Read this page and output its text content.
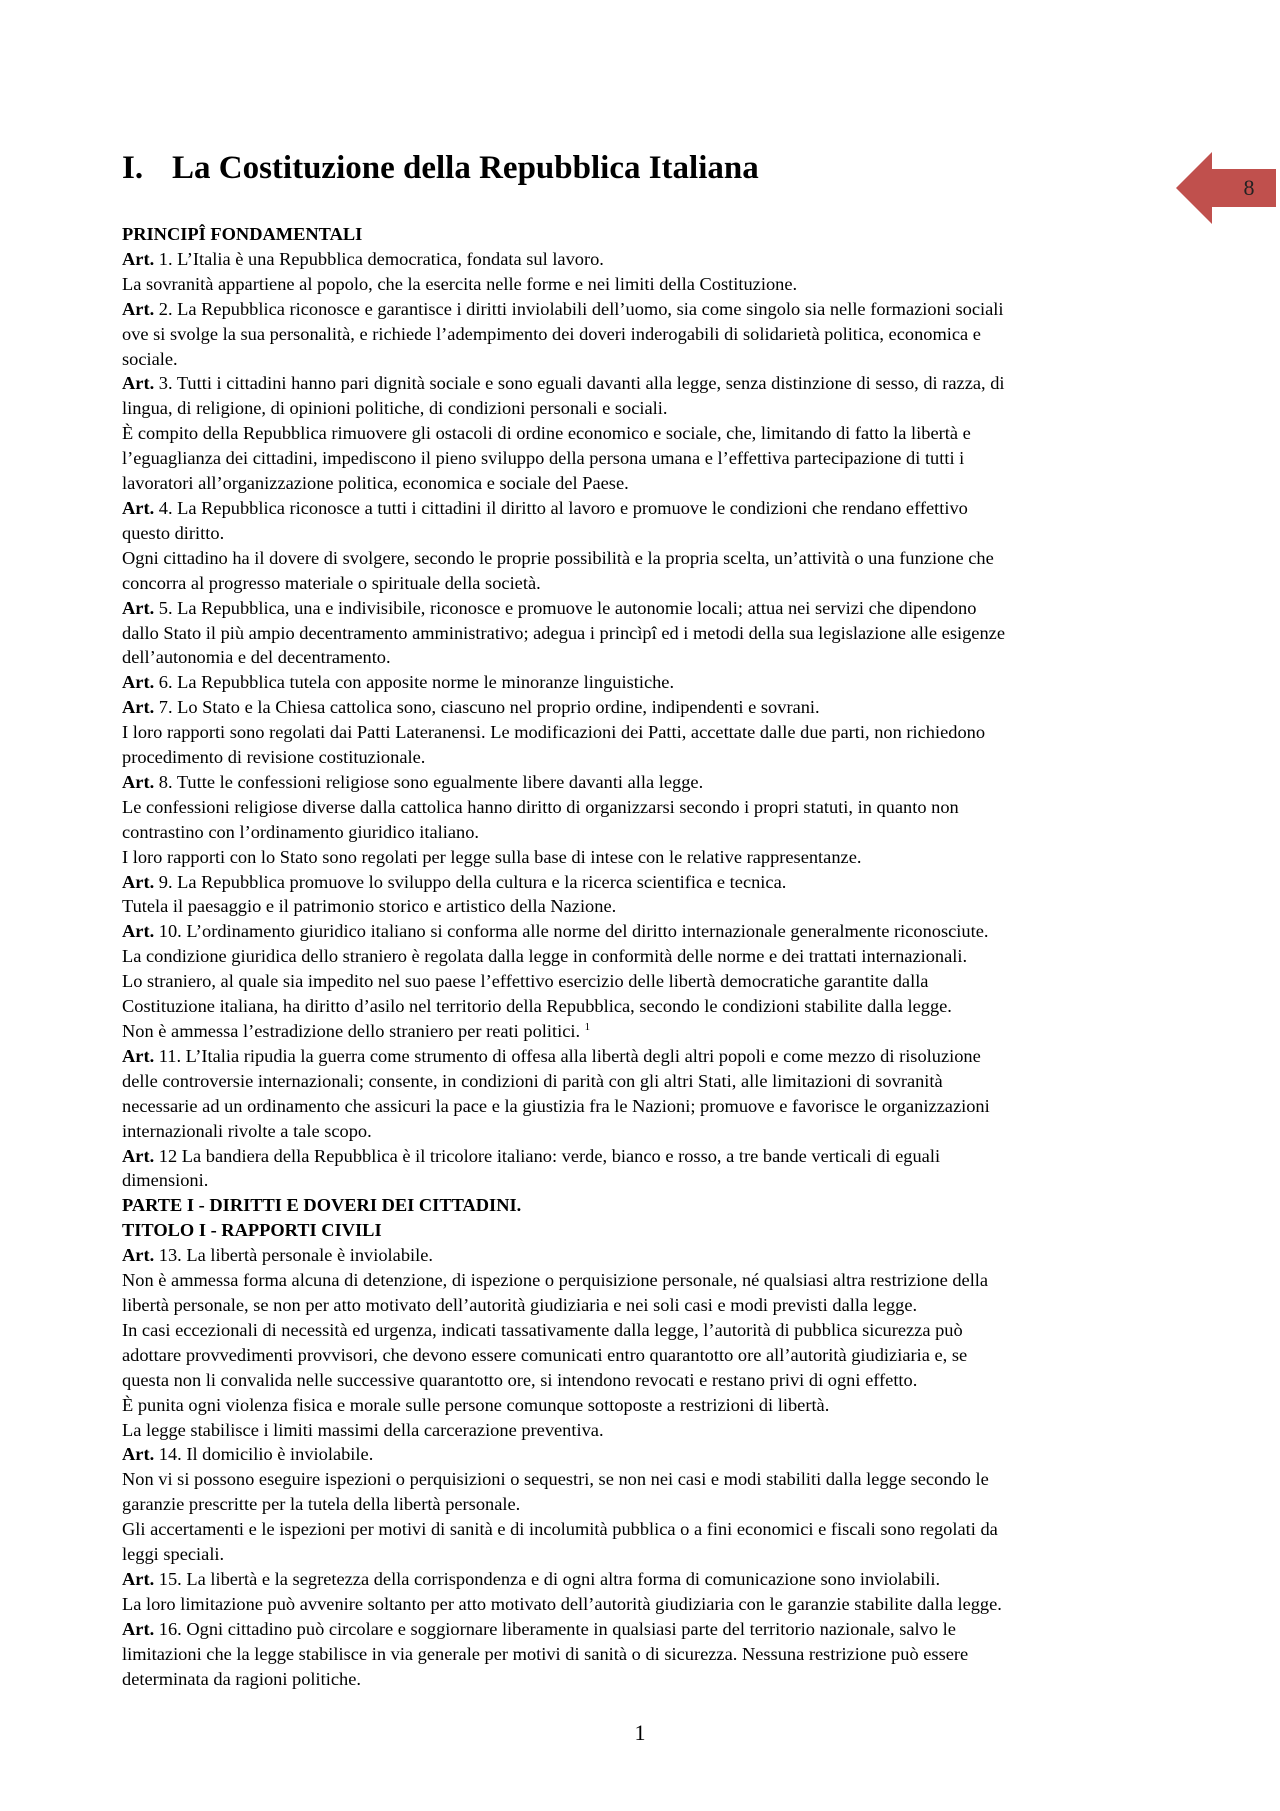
8
I. La Costituzione della Repubblica Italiana
PRINCIPÎ FONDAMENTALI
Art. 1. L’Italia è una Repubblica democratica, fondata sul lavoro.
La sovranità appartiene al popolo, che la esercita nelle forme e nei limiti della Costituzione.
Art. 2. La Repubblica riconosce e garantisce i diritti inviolabili dell’uomo, sia come singolo sia nelle formazioni sociali
ove si svolge la sua personalità, e richiede l’adempimento dei doveri inderogabili di solidarietà politica, economica e
sociale.
Art. 3. Tutti i cittadini hanno pari dignità sociale e sono eguali davanti alla legge, senza distinzione di sesso, di razza, di
lingua, di religione, di opinioni politiche, di condizioni personali e sociali.
È compito della Repubblica rimuovere gli ostacoli di ordine economico e sociale, che, limitando di fatto la libertà e
l’eguaglianza dei cittadini, impediscono il pieno sviluppo della persona umana e l’effettiva partecipazione di tutti i
lavoratori all’organizzazione politica, economica e sociale del Paese.
Art. 4. La Repubblica riconosce a tutti i cittadini il diritto al lavoro e promuove le condizioni che rendano effettivo
questo diritto.
Ogni cittadino ha il dovere di svolgere, secondo le proprie possibilità e la propria scelta, un’attività o una funzione che
concorra al progresso materiale o spirituale della società.
Art. 5. La Repubblica, una e indivisibile, riconosce e promuove le autonomie locali; attua nei servizi che dipendono
dallo Stato il più ampio decentramento amministrativo; adegua i princìpî ed i metodi della sua legislazione alle esigenze
dell’autonomia e del decentramento.
Art. 6. La Repubblica tutela con apposite norme le minoranze linguistiche.
Art. 7. Lo Stato e la Chiesa cattolica sono, ciascuno nel proprio ordine, indipendenti e sovrani.
I loro rapporti sono regolati dai Patti Lateranensi. Le modificazioni dei Patti, accettate dalle due parti, non richiedono
procedimento di revisione costituzionale.
Art. 8. Tutte le confessioni religiose sono egualmente libere davanti alla legge.
Le confessioni religiose diverse dalla cattolica hanno diritto di organizzarsi secondo i propri statuti, in quanto non
contrastino con l’ordinamento giuridico italiano.
I loro rapporti con lo Stato sono regolati per legge sulla base di intese con le relative rappresentanze.
Art. 9. La Repubblica promuove lo sviluppo della cultura e la ricerca scientifica e tecnica.
Tutela il paesaggio e il patrimonio storico e artistico della Nazione.
Art. 10. L’ordinamento giuridico italiano si conforma alle norme del diritto internazionale generalmente riconosciute.
La condizione giuridica dello straniero è regolata dalla legge in conformità delle norme e dei trattati internazionali.
Lo straniero, al quale sia impedito nel suo paese l’effettivo esercizio delle libertà democratiche garantite dalla
Costituzione italiana, ha diritto d’asilo nel territorio della Repubblica, secondo le condizioni stabilite dalla legge.
Non è ammessa l’estradizione dello straniero per reati politici. $^1$
Art. 11. L’Italia ripudia la guerra come strumento di offesa alla libertà degli altri popoli e come mezzo di risoluzione
delle controversie internazionali; consente, in condizioni di parità con gli altri Stati, alle limitazioni di sovranità
necessarie ad un ordinamento che assicuri la pace e la giustizia fra le Nazioni; promuove e favorisce le organizzazioni
internazionali rivolte a tale scopo.
Art. 12 La bandiera della Repubblica è il tricolore italiano: verde, bianco e rosso, a tre bande verticali di eguali
dimensioni.
PARTE I - DIRITTI E DOVERI DEI CITTADINI.
TITOLO I - RAPPORTI CIVILI
Art. 13. La libertà personale è inviolabile.
Non è ammessa forma alcuna di detenzione, di ispezione o perquisizione personale, né qualsiasi altra restrizione della
libertà personale, se non per atto motivato dell’autorità giudiziaria e nei soli casi e modi previsti dalla legge.
In casi eccezionali di necessità ed urgenza, indicati tassativamente dalla legge, l’autorità di pubblica sicurezza può
adottare provvedimenti provvisori, che devono essere comunicati entro quarantotto ore all’autorità giudiziaria e, se
questa non li convalida nelle successive quarantotto ore, si intendono revocati e restano privi di ogni effetto.
È punita ogni violenza fisica e morale sulle persone comunque sottoposte a restrizioni di libertà.
La legge stabilisce i limiti massimi della carcerazione preventiva.
Art. 14. Il domicilio è inviolabile.
Non vi si possono eseguire ispezioni o perquisizioni o sequestri, se non nei casi e modi stabiliti dalla legge secondo le
garanzie prescritte per la tutela della libertà personale.
Gli accertamenti e le ispezioni per motivi di sanità e di incolumità pubblica o a fini economici e fiscali sono regolati da
leggi speciali.
Art. 15. La libertà e la segretezza della corrispondenza e di ogni altra forma di comunicazione sono inviolabili.
La loro limitazione può avvenire soltanto per atto motivato dell’autorità giudiziaria con le garanzie stabilite dalla legge.
Art. 16. Ogni cittadino può circolare e soggiornare liberamente in qualsiasi parte del territorio nazionale, salvo le
limitazioni che la legge stabilisce in via generale per motivi di sanità o di sicurezza. Nessuna restrizione può essere
determinata da ragioni politiche.
1
